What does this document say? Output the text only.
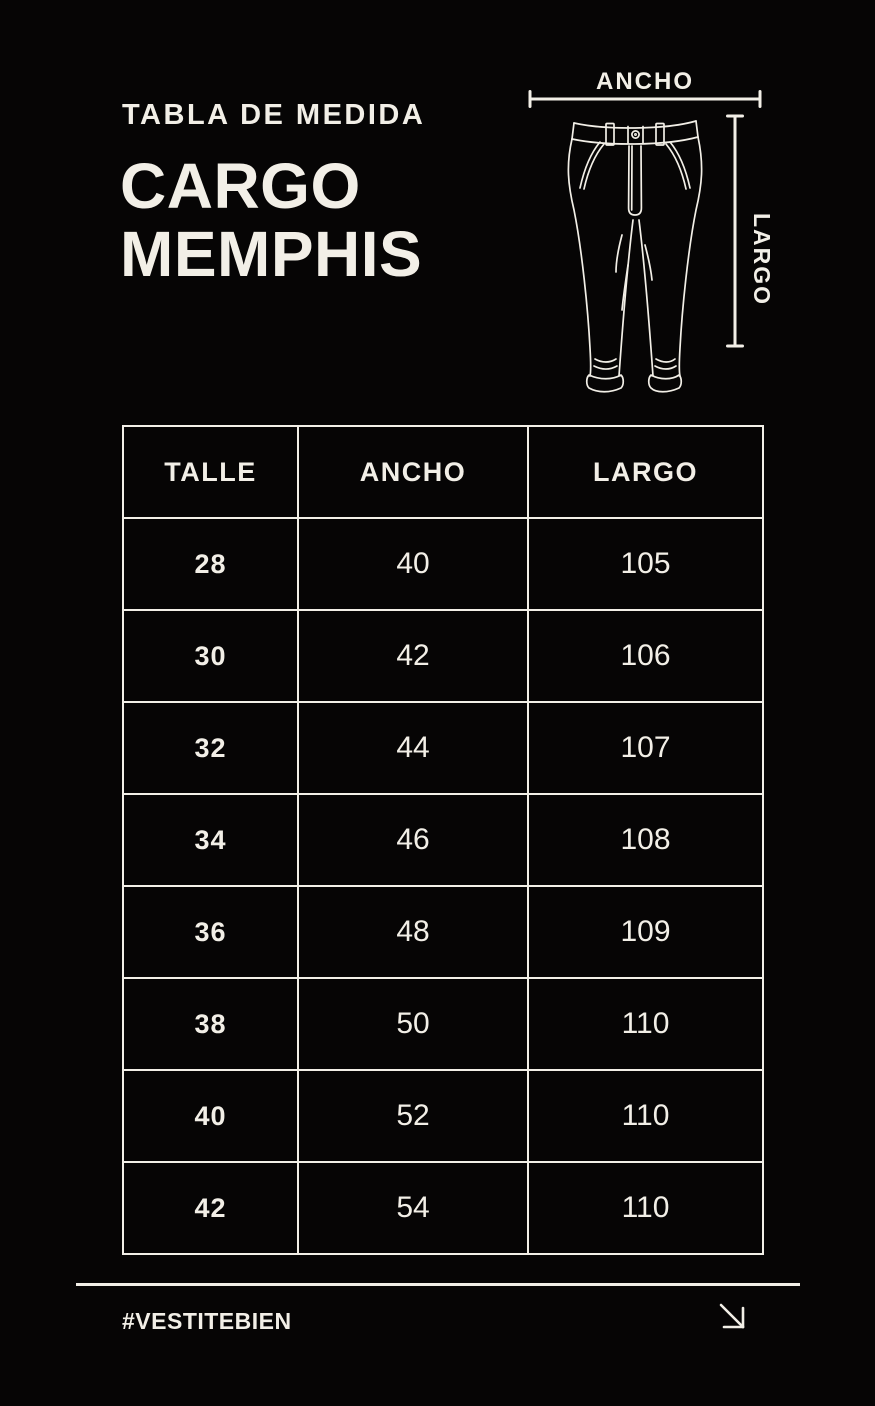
TABLA DE MEDIDA
CARGO
MEMPHIS
ANCHO
LARGO
TALLE	ANCHO	LARGO
28	40	105
30	42	106
32	44	107
34	46	108
36	48	109
38	50	110
40	52	110
42	54	110
#VESTITEBIEN
